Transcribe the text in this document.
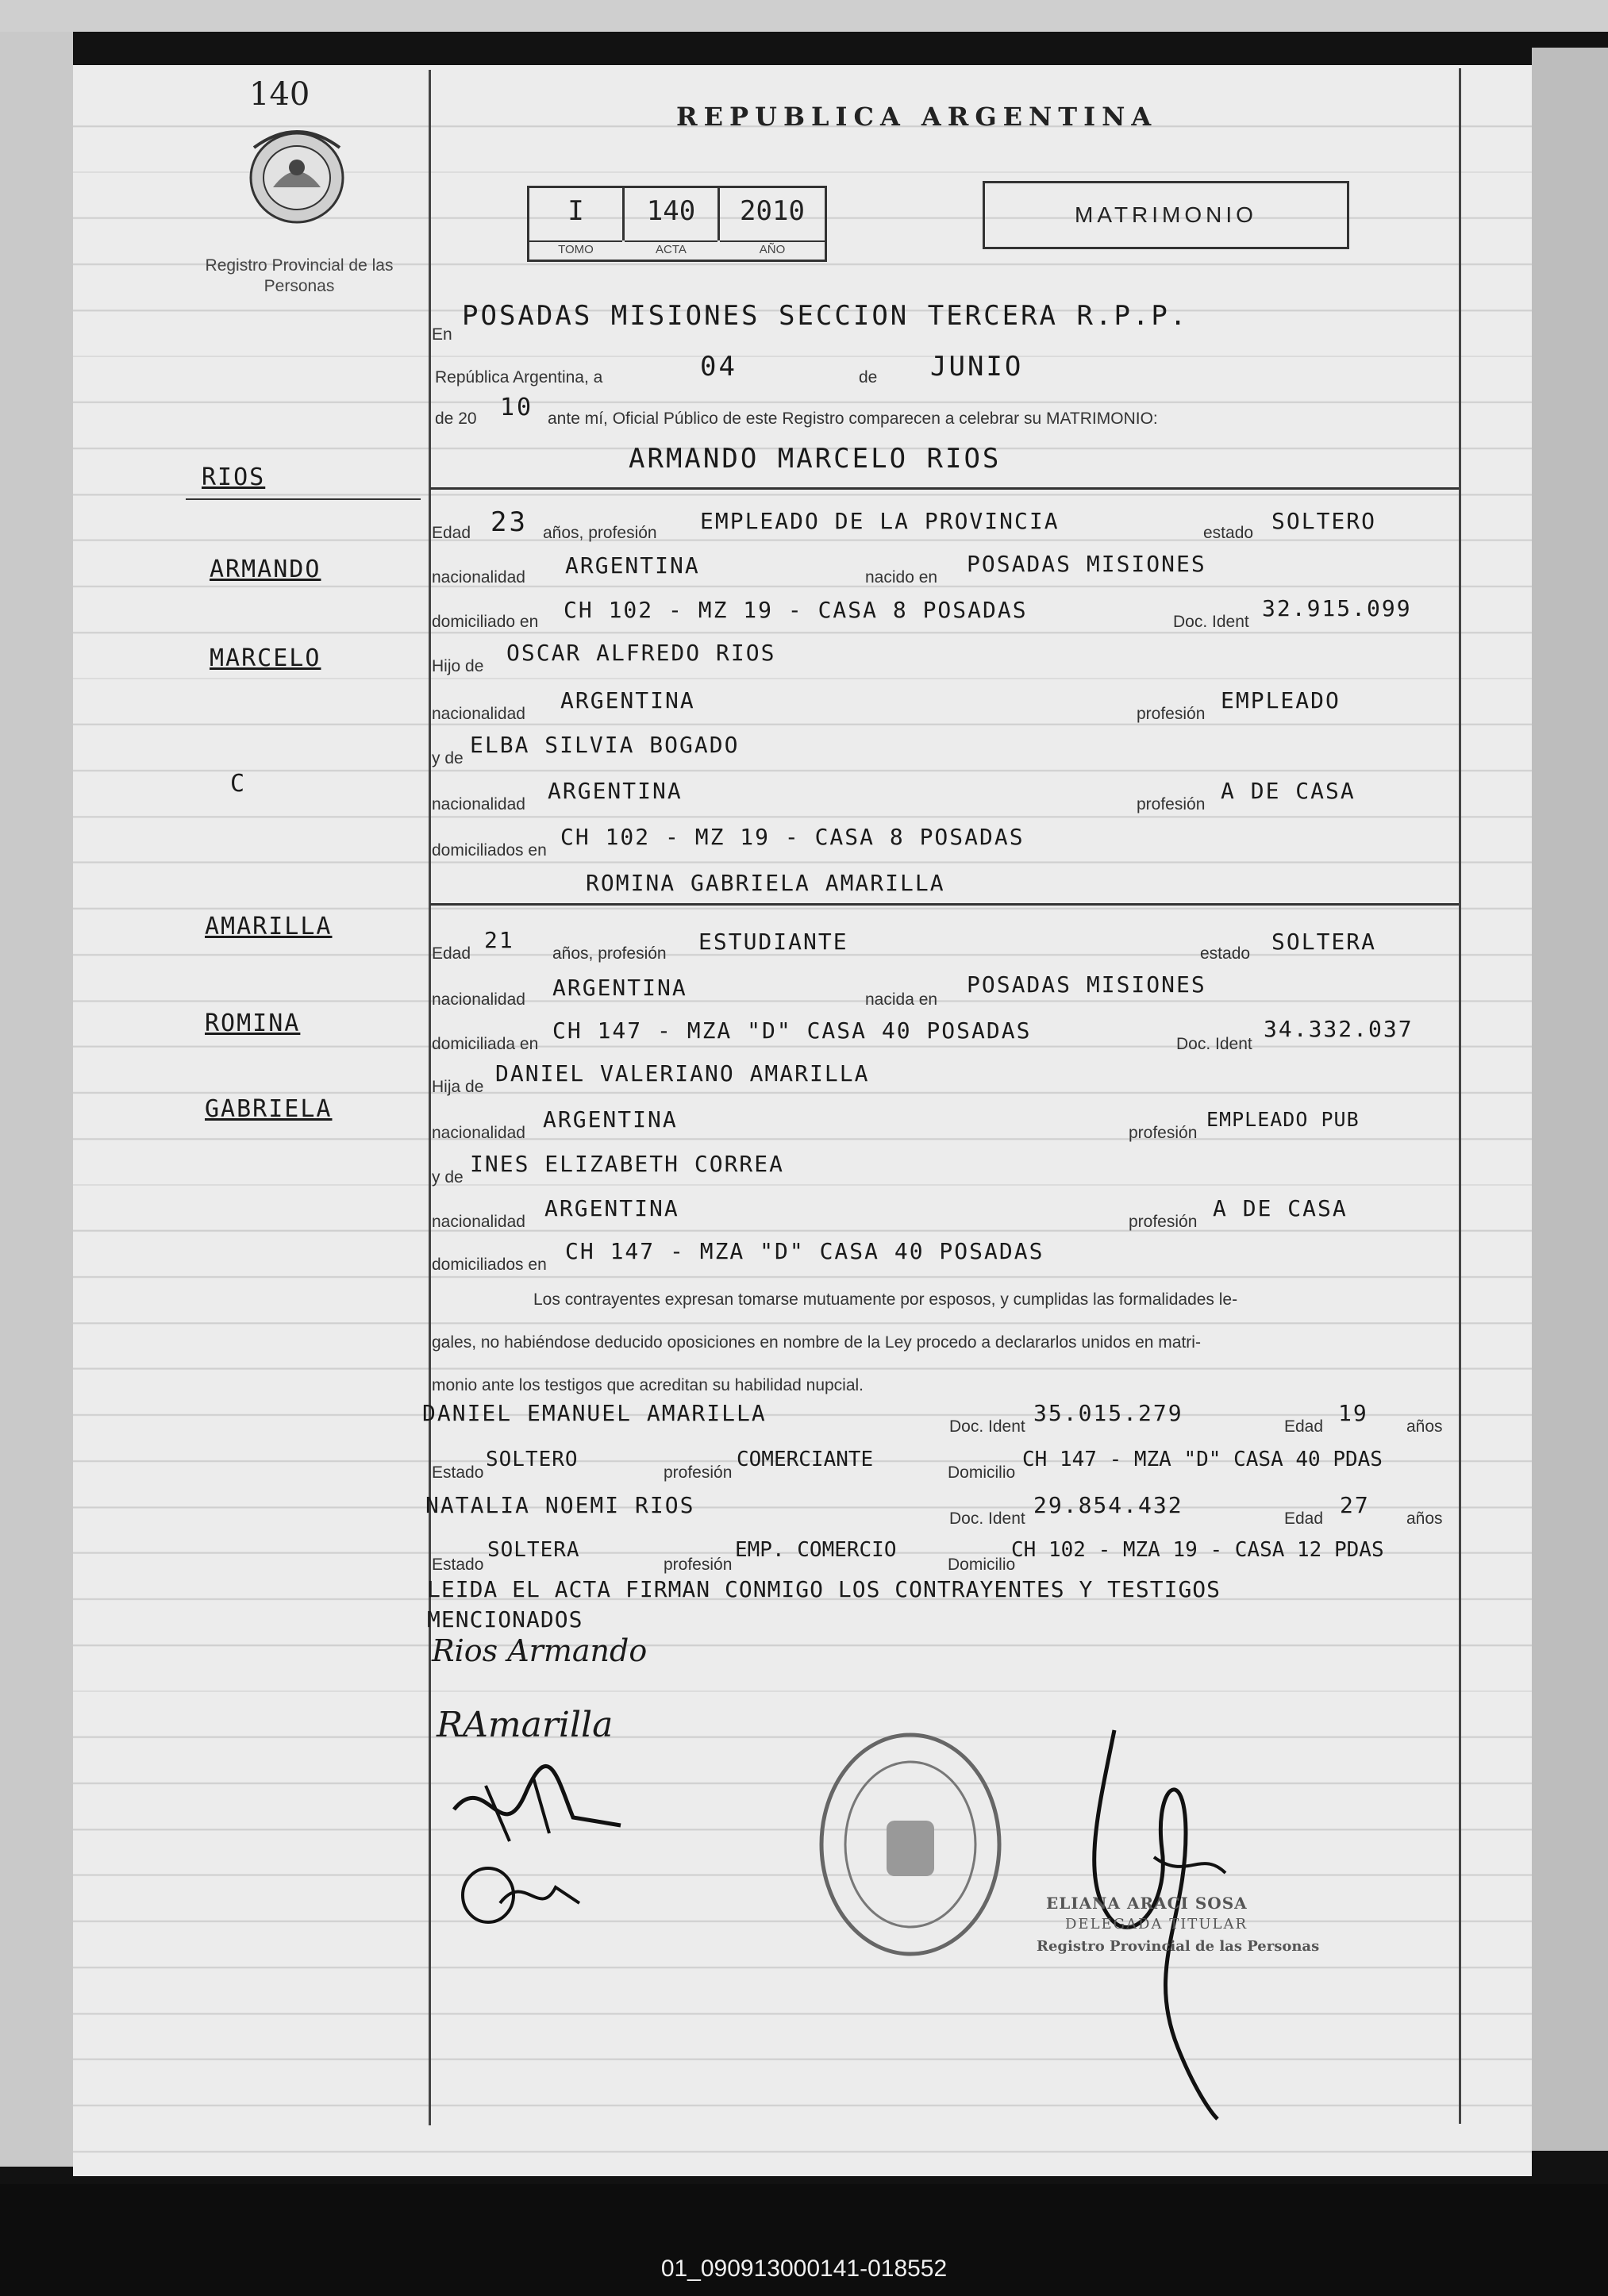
140
Registro Provincial de las Personas
REPUBLICA ARGENTINA
I
TOMO
140
ACTA
2010
AÑO
MATRIMONIO
RIOS
ARMANDO
MARCELO
C
AMARILLA
ROMINA
GABRIELA
En
POSADAS MISIONES SECCION TERCERA R.P.P.
República Argentina, a	04	de JUNIO
de 20 10 ante mí, Oficial Público de este Registro comparecen a celebrar su MATRIMONIO:
ARMANDO MARCELO RIOS
Edad 23 años, profesión EMPLEADO DE LA PROVINCIA	estado SOLTERO
nacionalidad ARGENTINA	nacido en
POSADAS MISIONES
domiciliado en CH 102 - MZ 19 - CASA 8 POSADAS	Doc. Ident
32.915.099
Hijo de
OSCAR ALFREDO RIOS
nacionalidad
ARGENTINA
profesión
EMPLEADO
y de
ELBA SILVIA BOGADO
nacionalidad
ARGENTINA
profesión
A DE CASA
domiciliados en
CH 102 - MZ 19 - CASA 8 POSADAS
ROMINA GABRIELA AMARILLA
Edad
21
años, profesión ESTUDIANTE	estado SOLTERA
nacionalidad ARGENTINA	nacida en
POSADAS MISIONES
domiciliada en
CH 147 - MZA "D" CASA 40 POSADAS
Doc. Ident
34.332.037
Hija de
DANIEL VALERIANO AMARILLA
nacionalidad
ARGENTINA
profesión
EMPLEADO PUB
y de
INES ELIZABETH CORREA
nacionalidad
ARGENTINA
profesión
A DE CASA
domiciliados en
CH 147 - MZA "D" CASA 40 POSADAS
Los contrayentes expresan tomarse mutuamente por esposos, y cumplidas las formalidades le-
gales, no habiéndose deducido oposiciones en nombre de la Ley procedo a declararlos unidos en matri-
monio ante los testigos que acreditan su habilidad nupcial.
DANIEL EMANUEL AMARILLA
Doc. Ident
35.015.279
Edad
19
años
Estado
SOLTERO
profesión
COMERCIANTE
Domicilio
CH 147 - MZA "D" CASA 40 PDAS
NATALIA NOEMI RIOS
Doc. Ident
29.854.432
Edad
27
años
Estado
SOLTERA
profesión
EMP. COMERCIO
Domicilio
CH 102 - MZA 19 - CASA 12 PDAS
LEIDA EL ACTA FIRMAN CONMIGO LOS CONTRAYENTES Y TESTIGOS
MENCIONADOS
Rios Armando
RAmarilla
ELIANA ARACI SOSA
DELEGADA TITULAR
Registro Provincial de las Personas
01_090913000141-018552
